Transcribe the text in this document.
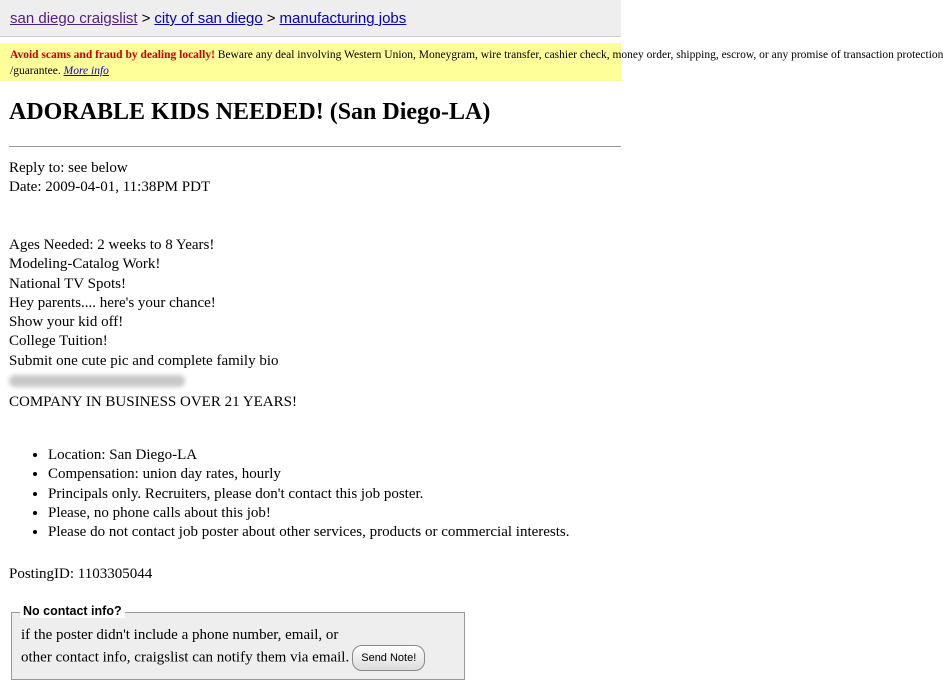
san diego craigslist > city of san diego > manufacturing jobs
Avoid scams and fraud by dealing locally! Beware any deal involving Western Union, Moneygram, wire transfer, cashier check, money order, shipping, escrow, or any promise of transaction protection
/guarantee. More info
ADORABLE KIDS NEEDED! (San Diego-LA)
Reply to: see below
Date: 2009-04-01, 11:38PM PDT
Ages Needed: 2 weeks to 8 Years!
Modeling-Catalog Work!
National TV Spots!
Hey parents.... here's your chance!
Show your kid off!
College Tuition!
Submit one cute pic and complete family bio
COMPANY IN BUSINESS OVER 21 YEARS!
• Location: San Diego-LA
• Compensation: union day rates, hourly
• Principals only. Recruiters, please don't contact this job poster.
• Please, no phone calls about this job!
• Please do not contact job poster about other services, products or commercial interests.
PostingID: 1103305044
No contact info?
if the poster didn't include a phone number, email, or
other contact info, craigslist can notify them via email. Send Note!
